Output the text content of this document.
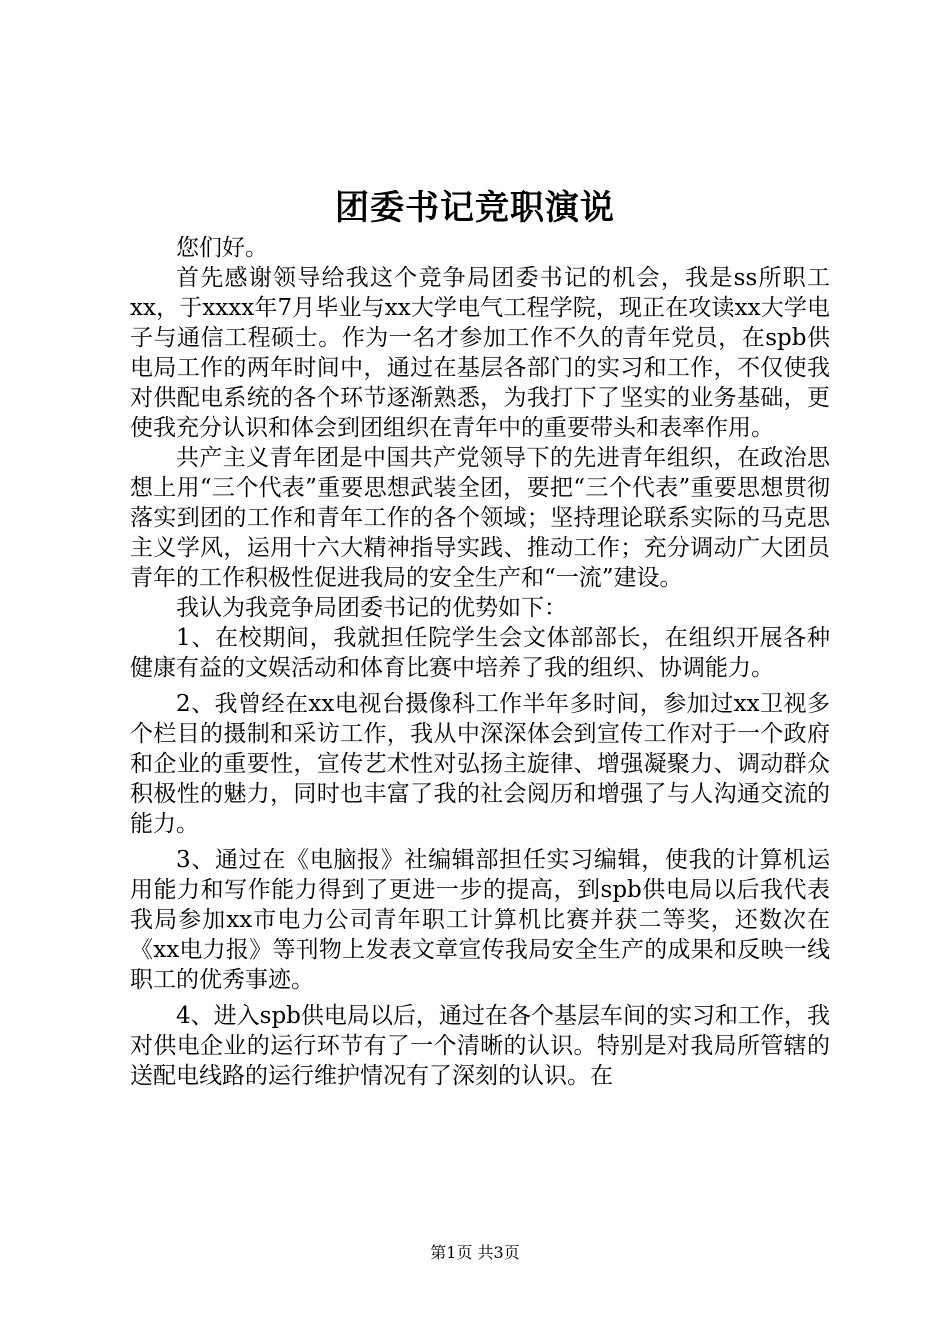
团委书记竞职演说

您们好。

首先感谢领导给我这个竞争局团委书记的机会，我是ss所职工xx，于xxxx年7月毕业与xx大学电气工程学院，现正在攻读xx大学电子与通信工程硕士。作为一名才参加工作不久的青年党员，在spb供电局工作的两年时间中，通过在基层各部门的实习和工作，不仅使我对供配电系统的各个环节逐渐熟悉，为我打下了坚实的业务基础，更使我充分认识和体会到团组织在青年中的重要带头和表率作用。

共产主义青年团是中国共产党领导下的先进青年组织，在政治思想上用“三个代表”重要思想武装全团，要把“三个代表”重要思想贯彻落实到团的工作和青年工作的各个领域；坚持理论联系实际的马克思主义学风，运用十六大精神指导实践、推动工作；充分调动广大团员青年的工作积极性促进我局的安全生产和“一流”建设。

我认为我竞争局团委书记的优势如下：

1、在校期间，我就担任院学生会文体部部长，在组织开展各种健康有益的文娱活动和体育比赛中培养了我的组织、协调能力。

2、我曾经在xx电视台摄像科工作半年多时间，参加过xx卫视多个栏目的摄制和采访工作，我从中深深体会到宣传工作对于一个政府和企业的重要性，宣传艺术性对弘扬主旋律、增强凝聚力、调动群众积极性的魅力，同时也丰富了我的社会阅历和增强了与人沟通交流的能力。

3、通过在《电脑报》社编辑部担任实习编辑，使我的计算机运用能力和写作能力得到了更进一步的提高，到spb供电局以后我代表我局参加xx市电力公司青年职工计算机比赛并获二等奖，还数次在《xx电力报》等刊物上发表文章宣传我局安全生产的成果和反映一线职工的优秀事迹。

4、进入spb供电局以后，通过在各个基层车间的实习和工作，我对供电企业的运行环节有了一个清晰的认识。特别是对我局所管辖的送配电线路的运行维护情况有了深刻的认识。在

第1页 共3页
